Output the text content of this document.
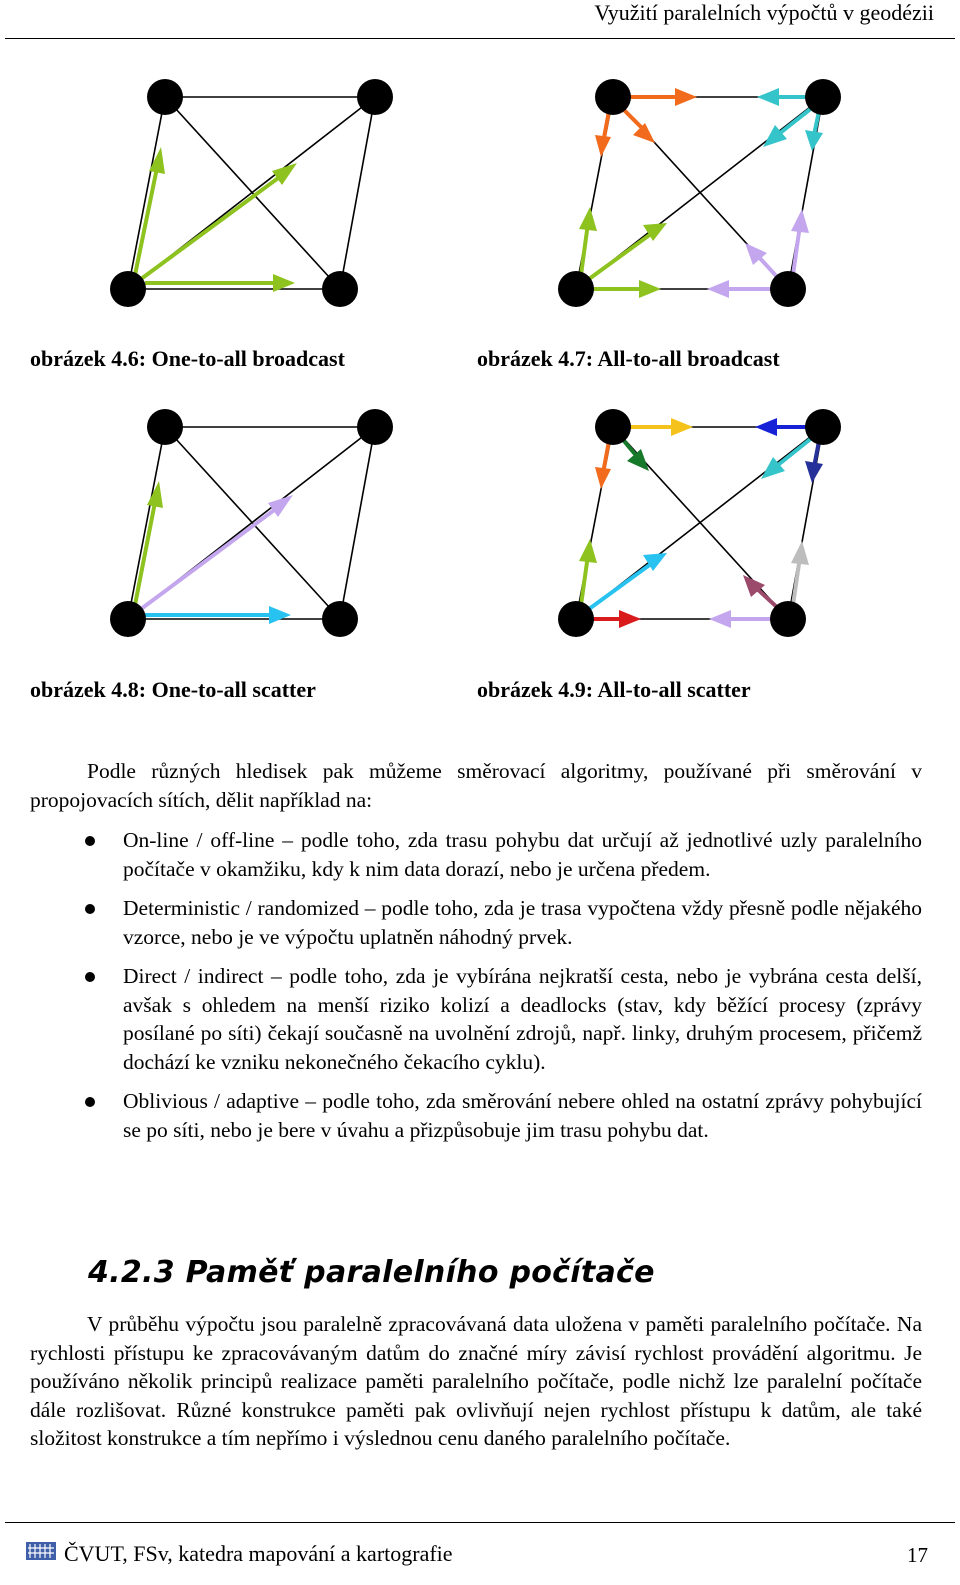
Využití paralelních výpočtů v geodézii
obrázek 4.6: One-to-all broadcast	obrázek 4.7: All-to-all broadcast
obrázek 4.8: One-to-all scatter	obrázek 4.9: All-to-all scatter
Podle různých hledisek pak můžeme směrovací algoritmy, používané při směrování v propojovacích sítích, dělit například na:
On-line / off-line – podle toho, zda trasu pohybu dat určují až jednotlivé uzly paralelního počítače v okamžiku, kdy k nim data dorazí, nebo je určena předem.
Deterministic / randomized – podle toho, zda je trasa vypočtena vždy přesně podle nějakého vzorce, nebo je ve výpočtu uplatněn náhodný prvek.
Direct / indirect – podle toho, zda je vybírána nejkratší cesta, nebo je vybrána cesta delší, avšak s ohledem na menší riziko kolizí a deadlocks (stav, kdy běžící procesy (zprávy posílané po síti) čekají současně na uvolnění zdrojů, např. linky, druhým procesem, přičemž dochází ke vzniku nekonečného čekacího cyklu).
Oblivious / adaptive – podle toho, zda směrování nebere ohled na ostatní zprávy pohybující se po síti, nebo je bere v úvahu a přizpůsobuje jim trasu pohybu dat.
4.2.3 Paměť paralelního počítače
V průběhu výpočtu jsou paralelně zpracovávaná data uložena v paměti paralelního počítače. Na rychlosti přístupu ke zpracovávaným datům do značné míry závisí rychlost provádění algoritmu. Je používáno několik principů realizace paměti paralelního počítače, podle nichž lze paralelní počítače dále rozlišovat. Různé konstrukce paměti pak ovlivňují nejen rychlost přístupu k datům, ale také složitost konstrukce a tím nepřímo i výslednou cenu daného paralelního počítače.
ČVUT, FSv, katedra mapování a kartografie	17
